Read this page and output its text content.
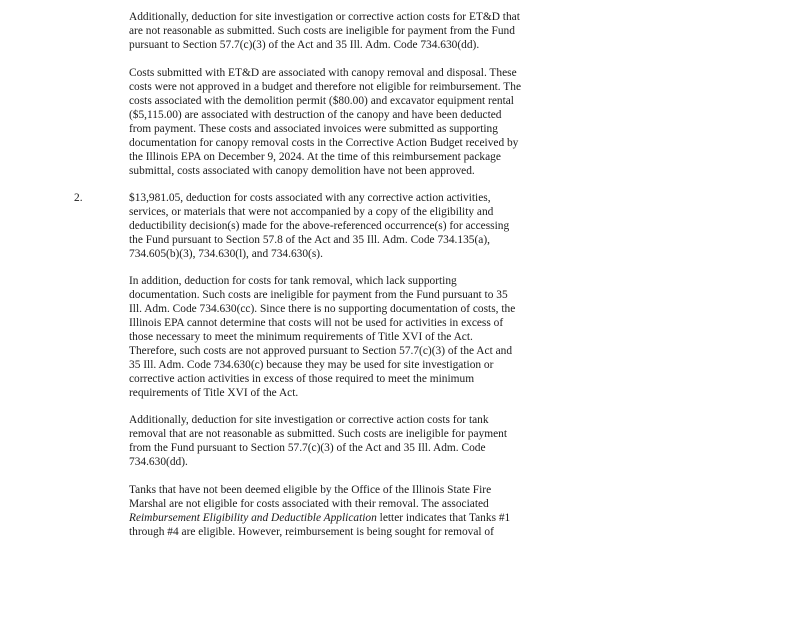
Additionally, deduction for site investigation or corrective action costs for ET&D that
are not reasonable as submitted. Such costs are ineligible for payment from the Fund
pursuant to Section 57.7(c)(3) of the Act and 35 Ill. Adm. Code 734.630(dd).

Costs submitted with ET&D are associated with canopy removal and disposal. These
costs were not approved in a budget and therefore not eligible for reimbursement. The
costs associated with the demolition permit ($80.00) and excavator equipment rental
($5,115.00) are associated with destruction of the canopy and have been deducted
from payment. These costs and associated invoices were submitted as supporting
documentation for canopy removal costs in the Corrective Action Budget received by
the Illinois EPA on December 9, 2024. At the time of this reimbursement package
submittal, costs associated with canopy demolition have not been approved.

2.	$13,981.05, deduction for costs associated with any corrective action activities,
services, or materials that were not accompanied by a copy of the eligibility and
deductibility decision(s) made for the above-referenced occurrence(s) for accessing
the Fund pursuant to Section 57.8 of the Act and 35 Ill. Adm. Code 734.135(a),
734.605(b)(3), 734.630(l), and 734.630(s).

In addition, deduction for costs for tank removal, which lack supporting
documentation. Such costs are ineligible for payment from the Fund pursuant to 35
Ill. Adm. Code 734.630(cc). Since there is no supporting documentation of costs, the
Illinois EPA cannot determine that costs will not be used for activities in excess of
those necessary to meet the minimum requirements of Title XVI of the Act.
Therefore, such costs are not approved pursuant to Section 57.7(c)(3) of the Act and
35 Ill. Adm. Code 734.630(c) because they may be used for site investigation or
corrective action activities in excess of those required to meet the minimum
requirements of Title XVI of the Act.

Additionally, deduction for site investigation or corrective action costs for tank
removal that are not reasonable as submitted. Such costs are ineligible for payment
from the Fund pursuant to Section 57.7(c)(3) of the Act and 35 Ill. Adm. Code
734.630(dd).

Tanks that have not been deemed eligible by the Office of the Illinois State Fire
Marshal are not eligible for costs associated with their removal. The associated
Reimbursement Eligibility and Deductible Application letter indicates that Tanks #1
through #4 are eligible. However, reimbursement is being sought for removal of
